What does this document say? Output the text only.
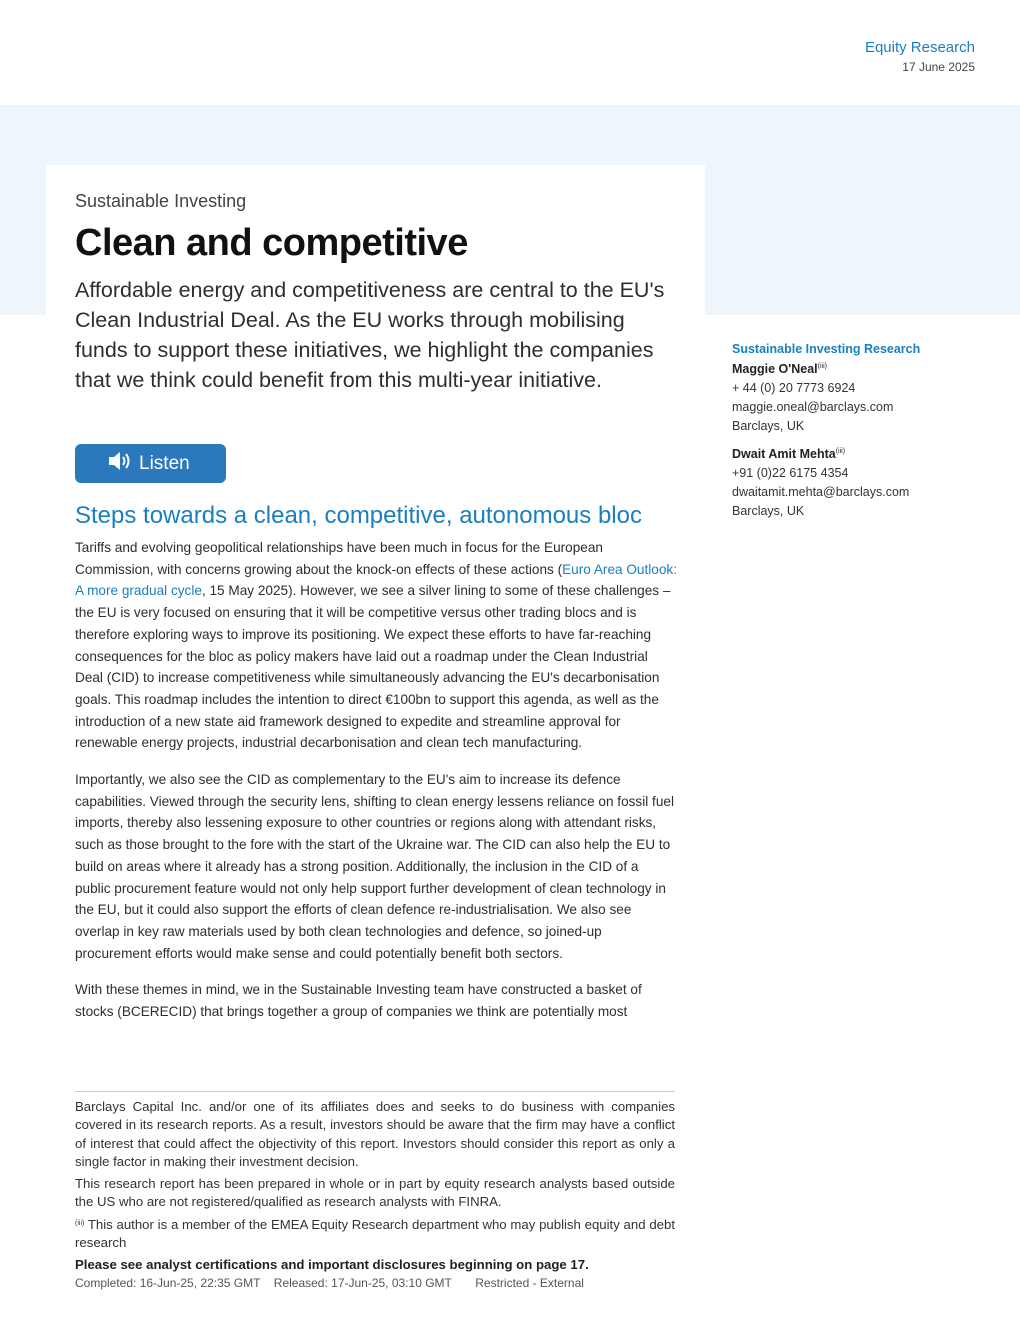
Equity Research
17 June 2025
Sustainable Investing
Clean and competitive
Affordable energy and competitiveness are central to the EU's Clean Industrial Deal. As the EU works through mobilising funds to support these initiatives, we highlight the companies that we think could benefit from this multi-year initiative.
Listen
Steps towards a clean, competitive, autonomous bloc

Tariffs and evolving geopolitical relationships have been much in focus for the European Commission, with concerns growing about the knock-on effects of these actions (Euro Area Outlook: A more gradual cycle, 15 May 2025). However, we see a silver lining to some of these challenges – the EU is very focused on ensuring that it will be competitive versus other trading blocs and is therefore exploring ways to improve its positioning. We expect these efforts to have far-reaching consequences for the bloc as policy makers have laid out a roadmap under the Clean Industrial Deal (CID) to increase competitiveness while simultaneously advancing the EU's decarbonisation goals. This roadmap includes the intention to direct €100bn to support this agenda, as well as the introduction of a new state aid framework designed to expedite and streamline approval for renewable energy projects, industrial decarbonisation and clean tech manufacturing.

Importantly, we also see the CID as complementary to the EU's aim to increase its defence capabilities. Viewed through the security lens, shifting to clean energy lessens reliance on fossil fuel imports, thereby also lessening exposure to other countries or regions along with attendant risks, such as those brought to the fore with the start of the Ukraine war. The CID can also help the EU to build on areas where it already has a strong position. Additionally, the inclusion in the CID of a public procurement feature would not only help support further development of clean technology in the EU, but it could also support the efforts of clean defence re-industrialisation. We also see overlap in key raw materials used by both clean technologies and defence, so joined-up procurement efforts would make sense and could potentially benefit both sectors.

With these themes in mind, we in the Sustainable Investing team have constructed a basket of stocks (BCERECID) that brings together a group of companies we think are potentially most

Sustainable Investing Research
Maggie O'Neal$^{(iii)}$
+ 44 (0) 20 7773 6924
maggie.oneal@barclays.com
Barclays, UK
Dwait Amit Mehta$^{(iii)}$
+91 (0)22 6175 4354
dwaitamit.mehta@barclays.com
Barclays, UK

Barclays Capital Inc. and/or one of its affiliates does and seeks to do business with companies covered in its research reports. As a result, investors should be aware that the firm may have a conflict of interest that could affect the objectivity of this report. Investors should consider this report as only a single factor in making their investment decision.

This research report has been prepared in whole or in part by equity research analysts based outside the US who are not registered/qualified as research analysts with FINRA.

$^{(iii)}$ This author is a member of the EMEA Equity Research department who may publish equity and debt research

Please see analyst certifications and important disclosures beginning on page 17.

Completed: 16-Jun-25, 22:35 GMT Released: 17-Jun-25, 03:10 GMT Restricted - External
